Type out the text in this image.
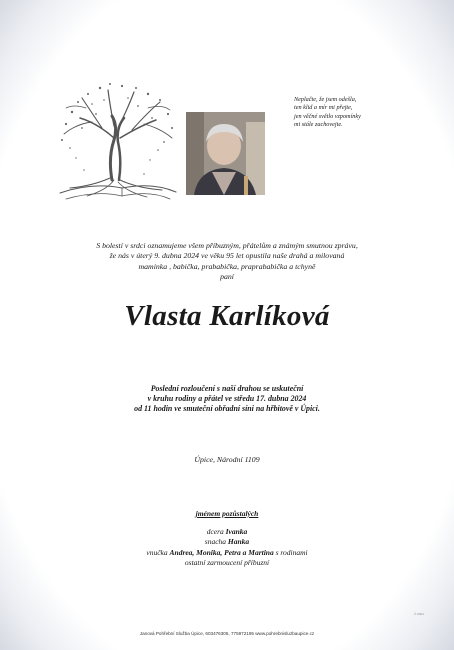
Neplačte, že jsem odešla,
ten klid a mír mi přejte,
jen věčné světlo vzpomínky
mi stále zachovejte.
S bolestí v srdci oznamujeme všem příbuzným, přátelům a známým smutnou zprávu,
že nás v úterý 9. dubna 2024 ve věku 95 let opustila naše drahá a milovaná
maminka , babička, prababička, praprababička a tchyně
paní
Vlasta Karlíková
Poslední rozloučení s naší drahou se uskuteční
v kruhu rodiny a přátel ve středu 17. dubna 2024
od 11 hodin ve smuteční obřadní síni na hřbitově v Úpici.
Úpice, Národní 1109
jménem pozůstalých
dcera Ivanka
snacha Hanka
vnučka Andrea, Monika, Petra a Martina s rodinami
ostatní zarmoucení příbuzní
Janová Pohřební Služba Úpice, 603476305, 775972195 www.pohrebnisluzbaupice.cz
© 2024
